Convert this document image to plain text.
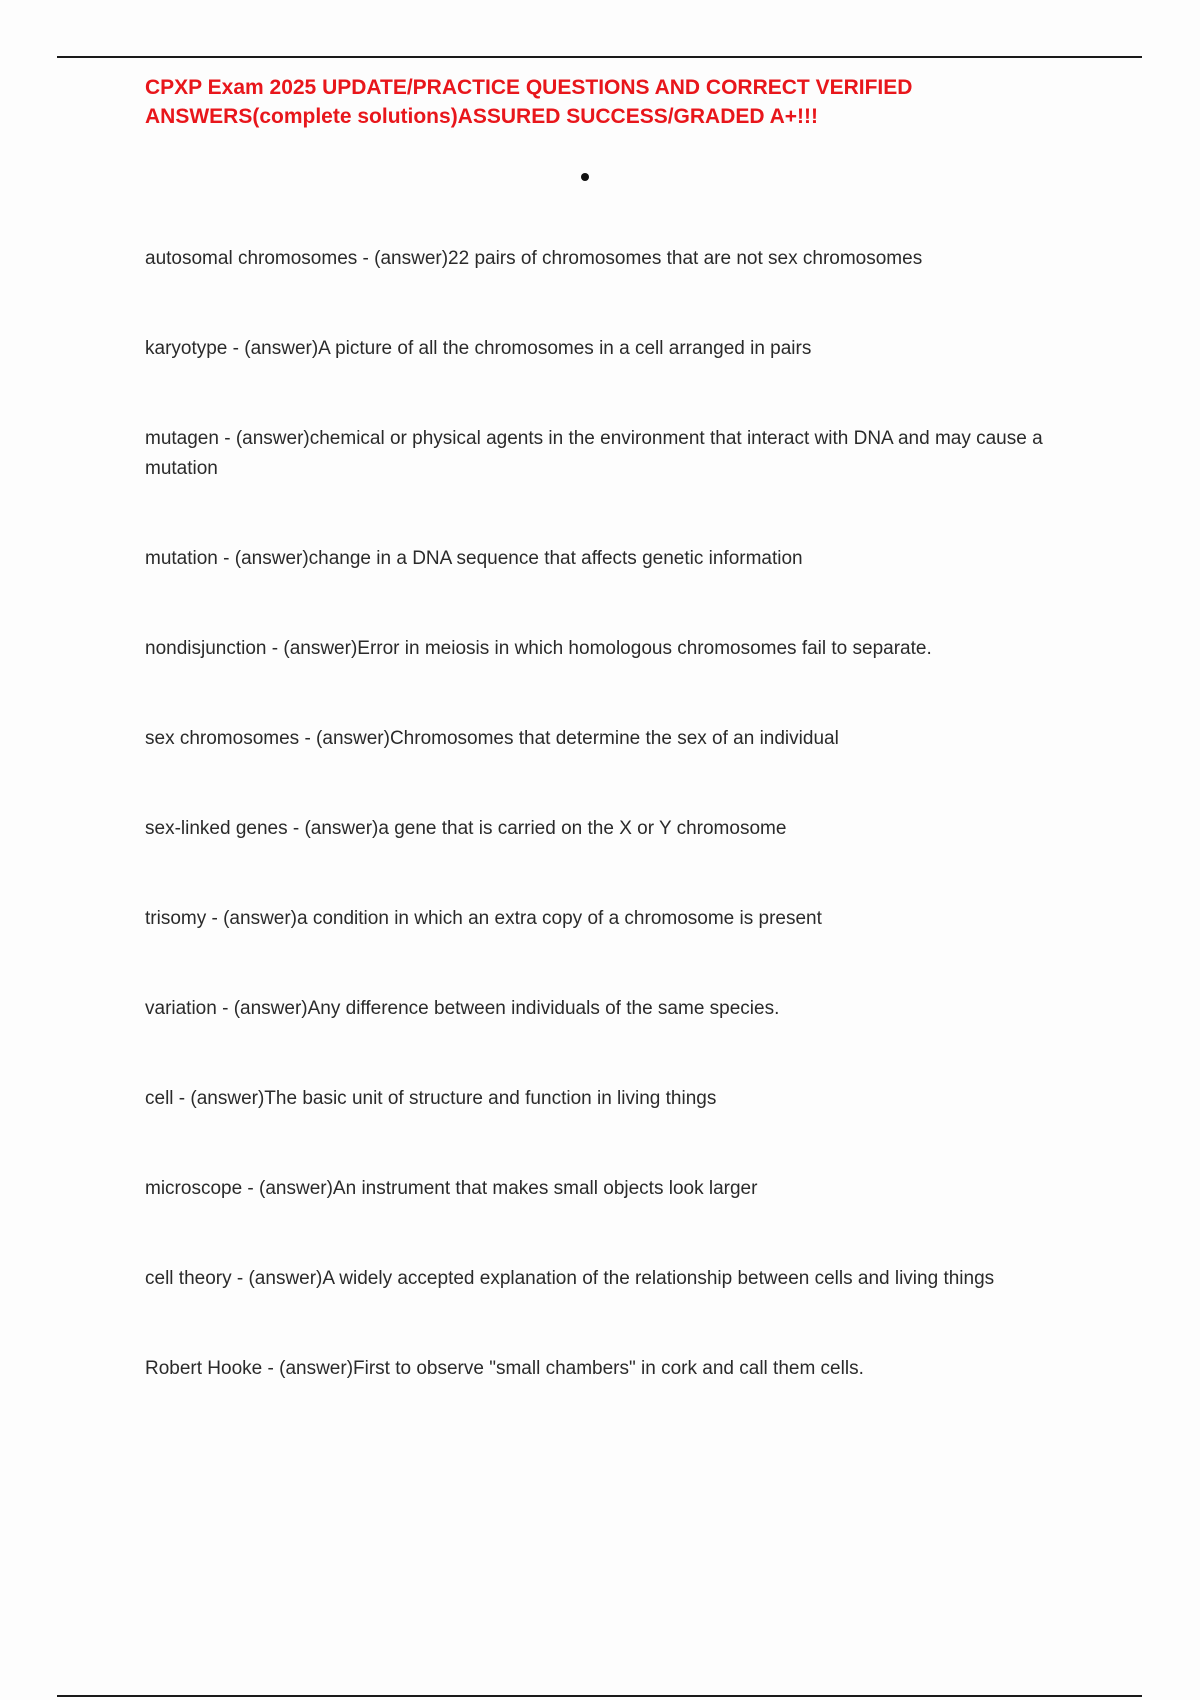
CPXP Exam 2025 UPDATE/PRACTICE QUESTIONS AND CORRECT VERIFIED ANSWERS(complete solutions)ASSURED SUCCESS/GRADED A+!!!
autosomal chromosomes - (answer)22 pairs of chromosomes that are not sex chromosomes
karyotype - (answer)A picture of all the chromosomes in a cell arranged in pairs
mutagen - (answer)chemical or physical agents in the environment that interact with DNA and may cause a mutation
mutation - (answer)change in a DNA sequence that affects genetic information
nondisjunction - (answer)Error in meiosis in which homologous chromosomes fail to separate.
sex chromosomes - (answer)Chromosomes that determine the sex of an individual
sex-linked genes - (answer)a gene that is carried on the X or Y chromosome
trisomy - (answer)a condition in which an extra copy of a chromosome is present
variation - (answer)Any difference between individuals of the same species.
cell - (answer)The basic unit of structure and function in living things
microscope - (answer)An instrument that makes small objects look larger
cell theory - (answer)A widely accepted explanation of the relationship between cells and living things
Robert Hooke - (answer)First to observe "small chambers" in cork and call them cells.
